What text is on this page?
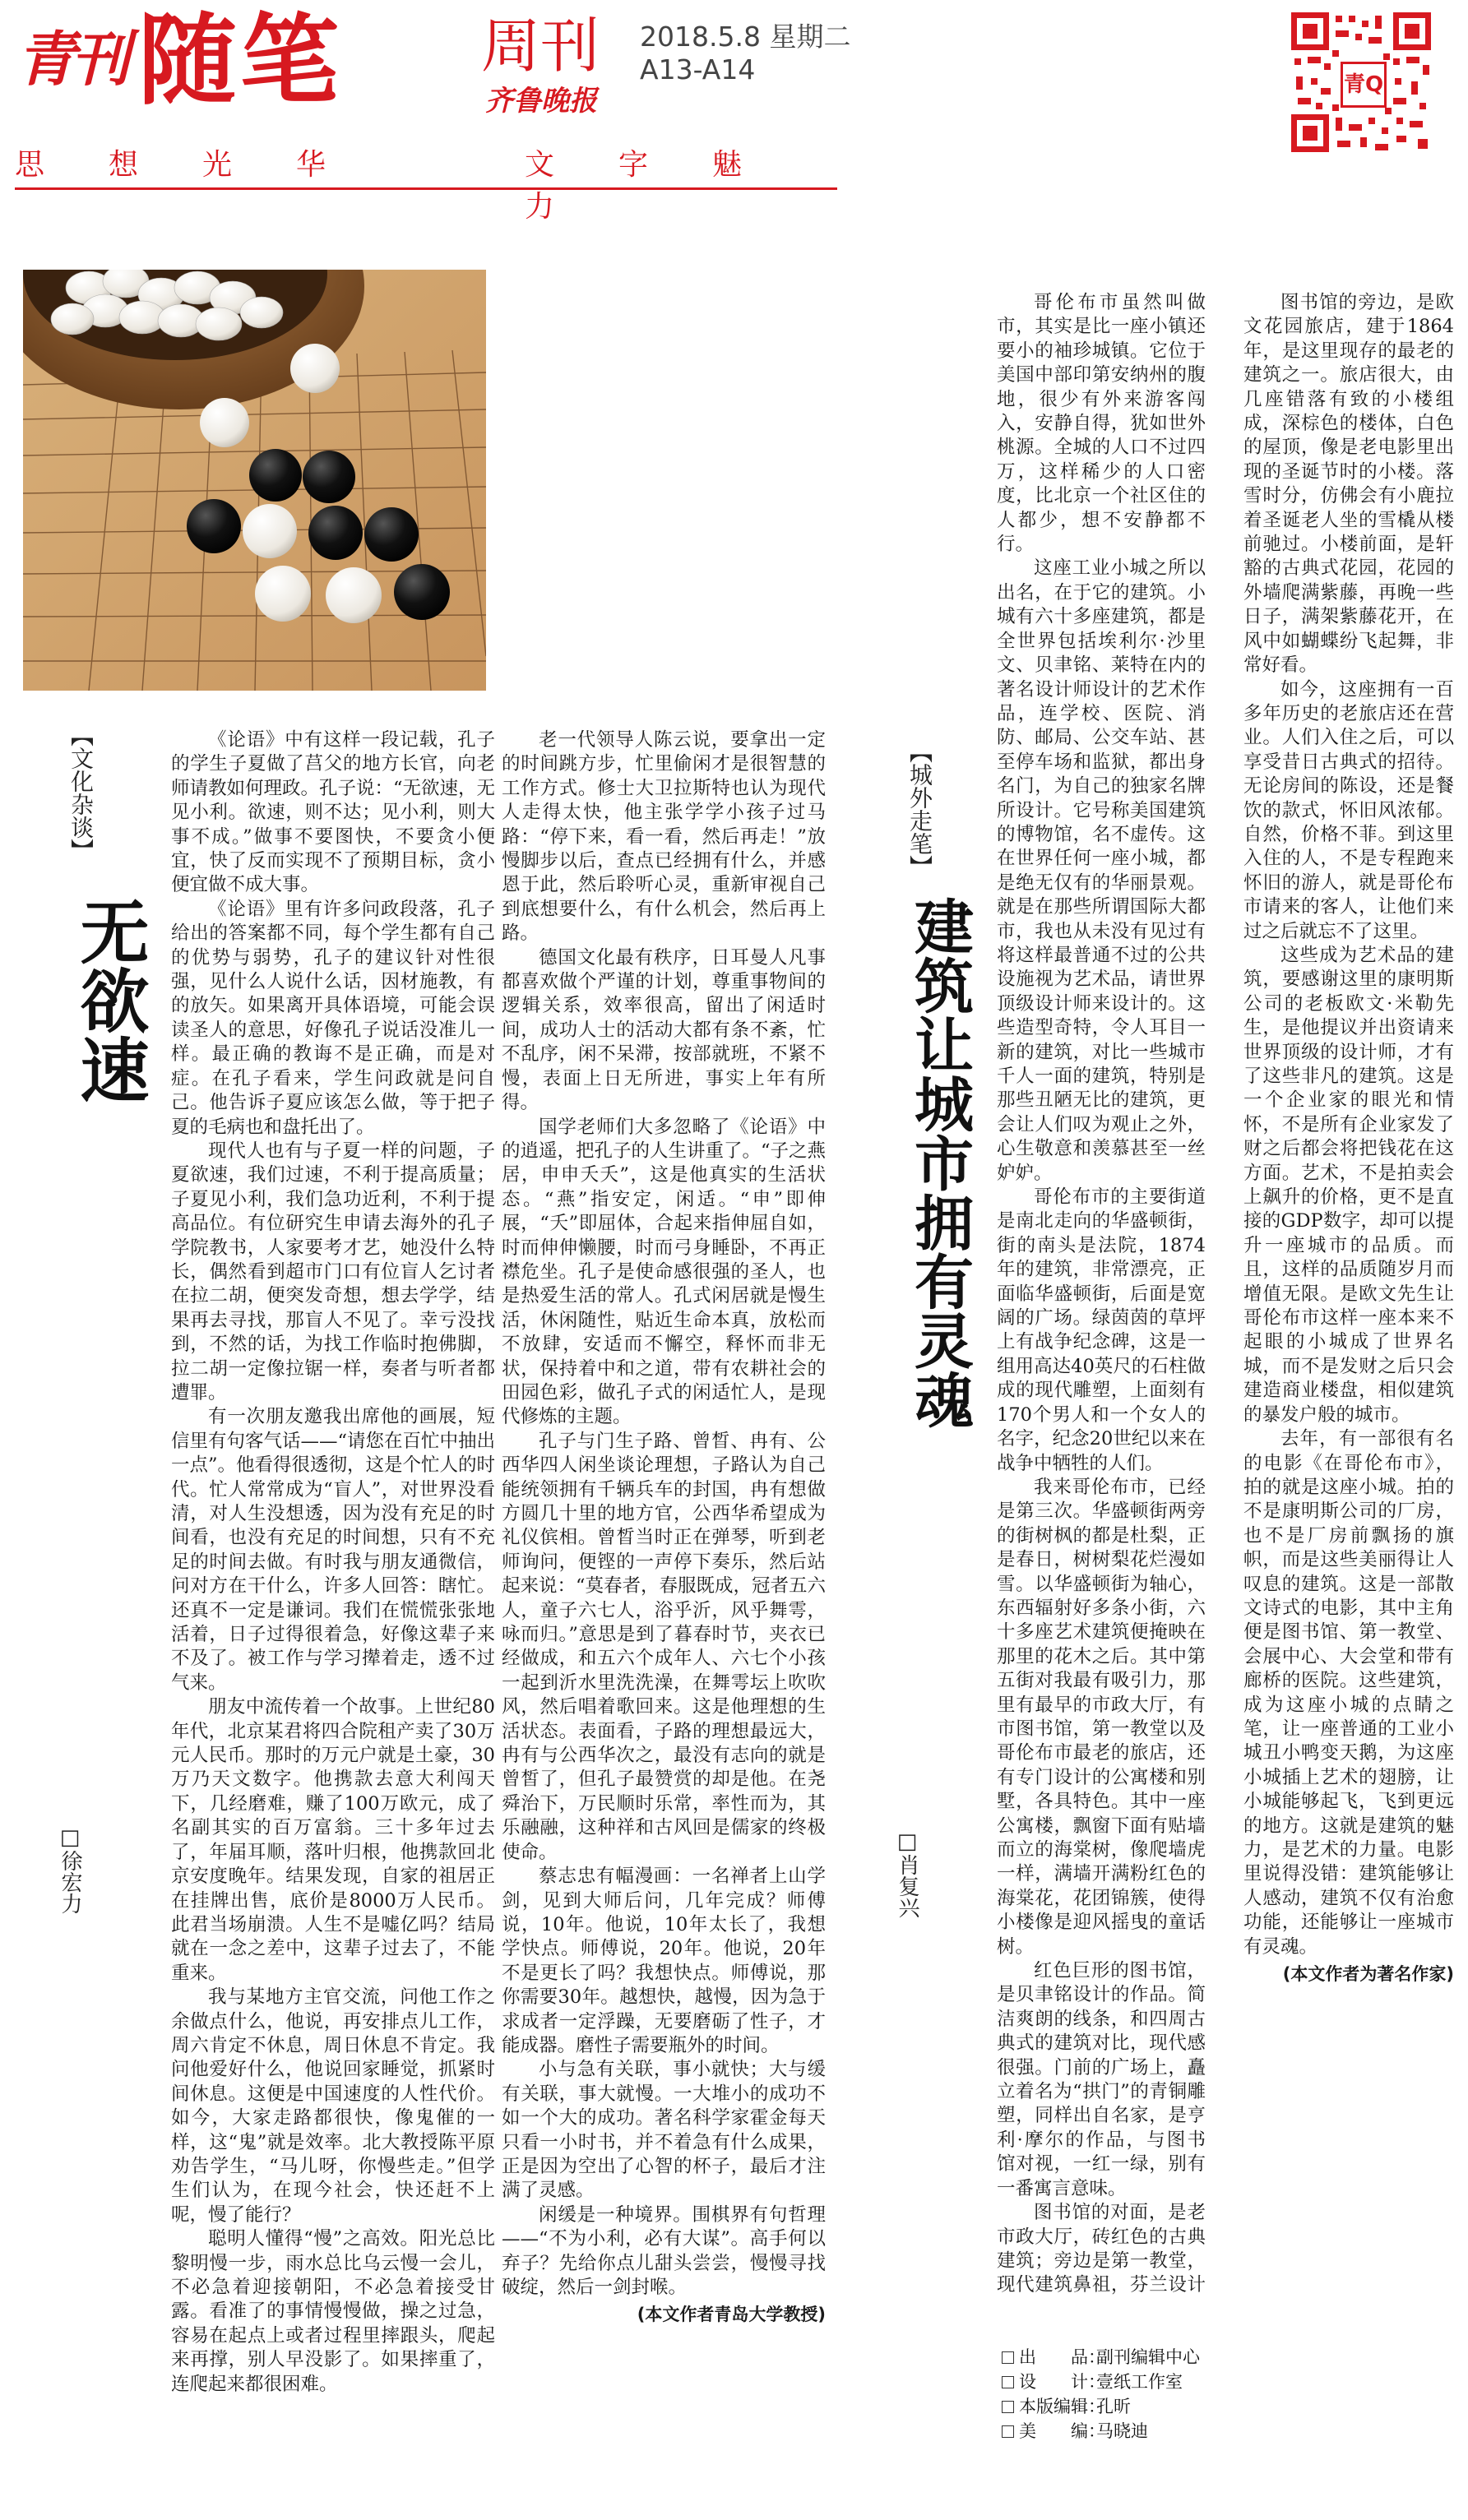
青刊 随笔	周刊
齐鲁晚报
2018.5.8 星期二
A13-A14
思想光华	文字魅力
青Q
【文化杂谈】
无欲速
□徐宏力

《论语》中有这样一段记载，孔子的学生子夏做了莒父的地方长官，向老师请教如何理政。孔子说：“无欲速，无见小利。欲速，则不达；见小利，则大事不成。”做事不要图快，不要贪小便宜，快了反而实现不了预期目标，贪小便宜做不成大事。

《论语》里有许多问政段落，孔子给出的答案都不同，每个学生都有自己的优势与弱势，孔子的建议针对性很强，见什么人说什么话，因材施教，有的放矢。如果离开具体语境，可能会误读圣人的意思，好像孔子说话没准儿一样。最正确的教诲不是正确，而是对症。在孔子看来，学生问政就是问自己。他告诉子夏应该怎么做，等于把子夏的毛病也和盘托出了。

现代人也有与子夏一样的问题，子夏欲速，我们过速，不利于提高质量；子夏见小利，我们急功近利，不利于提高品位。有位研究生申请去海外的孔子学院教书，人家要考才艺，她没什么特长，偶然看到超市门口有位盲人乞讨者在拉二胡，便突发奇想，想去学学，结果再去寻找，那盲人不见了。幸亏没找到，不然的话，为找工作临时抱佛脚，拉二胡一定像拉锯一样，奏者与听者都遭罪。

有一次朋友邀我出席他的画展，短信里有句客气话——“请您在百忙中抽出一点”。他看得很透彻，这是个忙人的时代。忙人常常成为“盲人”，对世界没看清，对人生没想透，因为没有充足的时间看，也没有充足的时间想，只有不充足的时间去做。有时我与朋友通微信，问对方在干什么，许多人回答：瞎忙。还真不一定是谦词。我们在慌慌张张地活着，日子过得很着急，好像这辈子来不及了。被工作与学习撵着走，透不过气来。

朋友中流传着一个故事。上世纪80年代，北京某君将四合院租产卖了30万元人民币。那时的万元户就是土豪，30万乃天文数字。他携款去意大利闯天下，几经磨难，赚了100万欧元，成了名副其实的百万富翁。三十多年过去了，年届耳顺，落叶归根，他携款回北京安度晚年。结果发现，自家的祖居正在挂牌出售，底价是8000万人民币。此君当场崩溃。人生不是嘘亿吗？结局就在一念之差中，这辈子过去了，不能重来。

我与某地方主官交流，问他工作之余做点什么，他说，再安排点儿工作，周六肯定不休息，周日休息不肯定。我问他爱好什么，他说回家睡觉，抓紧时间休息。这便是中国速度的人性代价。如今，大家走路都很快，像鬼催的一样，这“鬼”就是效率。北大教授陈平原劝告学生，“马儿呀，你慢些走。”但学生们认为，在现今社会，快还赶不上呢，慢了能行？

聪明人懂得“慢”之高效。阳光总比黎明慢一步，雨水总比乌云慢一会儿，不必急着迎接朝阳，不必急着接受甘露。看准了的事情慢慢做，操之过急，容易在起点上或者过程里摔跟头，爬起来再撑，别人早没影了。如果摔重了，连爬起来都很困难。

老一代领导人陈云说，要拿出一定的时间跳方步，忙里偷闲才是很智慧的工作方式。修士大卫拉斯特也认为现代人走得太快，他主张学学小孩子过马路：“停下来，看一看，然后再走！”放慢脚步以后，查点已经拥有什么，并感恩于此，然后聆听心灵，重新审视自己到底想要什么，有什么机会，然后再上路。

德国文化最有秩序，日耳曼人凡事都喜欢做个严谨的计划，尊重事物间的逻辑关系，效率很高，留出了闲适时间，成功人士的活动大都有条不紊，忙不乱序，闲不呆滞，按部就班，不紧不慢，表面上日无所进，事实上年有所得。

国学老师们大多忽略了《论语》中的逍遥，把孔子的人生讲重了。“子之燕居，申申夭夭”，这是他真实的生活状态。“燕”指安定，闲适。“申”即伸展，“夭”即屈体，合起来指伸屈自如，时而伸伸懒腰，时而弓身睡卧，不再正襟危坐。孔子是使命感很强的圣人，也是热爱生活的常人。孔式闲居就是慢生活，休闲随性，贴近生命本真，放松而不放肆，安适而不懈空，释怀而非无状，保持着中和之道，带有农耕社会的田园色彩，做孔子式的闲适忙人，是现代修炼的主题。

孔子与门生子路、曾晳、冉有、公西华四人闲坐谈论理想，子路认为自己能统领拥有千辆兵车的封国，冉有想做方圆几十里的地方官，公西华希望成为礼仪傧相。曾晳当时正在弹琴，听到老师询问，便铿的一声停下奏乐，然后站起来说：“莫春者，春服既成，冠者五六人，童子六七人，浴乎沂，风乎舞雩，咏而归。”意思是到了暮春时节，夹衣已经做成，和五六个成年人、六七个小孩一起到沂水里洗洗澡，在舞雩坛上吹吹风，然后唱着歌回来。这是他理想的生活状态。表面看，子路的理想最远大，冉有与公西华次之，最没有志向的就是曾皙了，但孔子最赞赏的却是他。在尧舜治下，万民顺时乐常，率性而为，其乐融融，这种祥和古风回是儒家的终极使命。

蔡志忠有幅漫画：一名禅者上山学剑，见到大师后问，几年完成？师傅说，10年。他说，10年太长了，我想学快点。师傅说，20年。他说，20年不是更长了吗？我想快点。师傅说，那你需要30年。越想快，越慢，因为急于求成者一定浮躁，无要磨砺了性子，才能成器。磨性子需要瓶外的时间。

小与急有关联，事小就快；大与缓有关联，事大就慢。一大堆小的成功不如一个大的成功。著名科学家霍金每天只看一小时书，并不着急有什么成果，正是因为空出了心智的杯子，最后才注满了灵感。

闲缓是一种境界。围棋界有句哲理——“不为小利，必有大谋”。高手何以弃子？先给你点儿甜头尝尝，慢慢寻找破绽，然后一剑封喉。

(本文作者青岛大学教授)
【城外走笔】
建筑让城市拥有灵魂
□肖复兴

哥伦布市虽然叫做市，其实是比一座小镇还要小的袖珍城镇。它位于美国中部印第安纳州的腹地，很少有外来游客闯入，安静自得，犹如世外桃源。全城的人口不过四万，这样稀少的人口密度，比北京一个社区住的人都少，想不安静都不行。

这座工业小城之所以出名，在于它的建筑。小城有六十多座建筑，都是全世界包括埃利尔·沙里文、贝聿铭、莱特在内的著名设计师设计的艺术作品，连学校、医院、消防、邮局、公交车站、甚至停车场和监狱，都出身名门，为自己的独家名牌所设计。它号称美国建筑的博物馆，名不虚传。这在世界任何一座小城，都是绝无仅有的华丽景观。就是在那些所谓国际大都市，我也从未没有见过有将这样最普通不过的公共设施视为艺术品，请世界顶级设计师来设计的。这些造型奇特，令人耳目一新的建筑，对比一些城市千人一面的建筑，特别是那些丑陋无比的建筑，更会让人们叹为观止之外，心生敬意和羡慕甚至一丝妒妒。

哥伦布市的主要街道是南北走向的华盛顿街，街的南头是法院，1874年的建筑，非常漂亮，正面临华盛顿街，后面是宽阔的广场。绿茵茵的草坪上有战争纪念碑，这是一组用高达40英尺的石柱做成的现代雕塑，上面刻有170个男人和一个女人的名字，纪念20世纪以来在战争中牺牲的人们。

我来哥伦布市，已经是第三次。华盛顿街两旁的街树枫的都是杜梨，正是春日，树树梨花烂漫如雪。以华盛顿街为轴心，东西辐射好多条小街，六十多座艺术建筑便掩映在那里的花木之后。其中第五街对我最有吸引力，那里有最早的市政大厅，有市图书馆，第一教堂以及哥伦布市最老的旅店，还有专门设计的公寓楼和别墅，各具特色。其中一座公寓楼，飘窗下面有贴墙而立的海棠树，像爬墙虎一样，满墙开满粉红色的海棠花，花团锦簇，使得小楼像是迎风摇曳的童话树。

红色巨形的图书馆，是贝聿铭设计的作品。简洁爽朗的线条，和四周古典式的建筑对比，现代感很强。门前的广场上，矗立着名为“拱门”的青铜雕塑，同样出自名家，是亨利·摩尔的作品，与图书馆对视，一红一绿，别有一番寓言意味。

图书馆的对面，是老市政大厅，砖红色的古典建筑；旁边是第一教堂，现代建筑鼻祖，芬兰设计

图书馆的旁边，是欧文花园旅店，建于1864年，是这里现存的最老的建筑之一。旅店很大，由几座错落有致的小楼组成，深棕色的楼体，白色的屋顶，像是老电影里出现的圣诞节时的小楼。落雪时分，仿佛会有小鹿拉着圣诞老人坐的雪橇从楼前驰过。小楼前面，是轩豁的古典式花园，花园的外墙爬满紫藤，再晚一些日子，满架紫藤花开，在风中如蝴蝶纷飞起舞，非常好看。

如今，这座拥有一百多年历史的老旅店还在营业。人们入住之后，可以享受昔日古典式的招待。无论房间的陈设，还是餐饮的款式，怀旧风浓郁。自然，价格不菲。到这里入住的人，不是专程跑来怀旧的游人，就是哥伦布市请来的客人，让他们来过之后就忘不了这里。

这些成为艺术品的建筑，要感谢这里的康明斯公司的老板欧文·米勒先生，是他提议并出资请来世界顶级的设计师，才有了这些非凡的建筑。这是一个企业家的眼光和情怀，不是所有企业家发了财之后都会将把钱花在这方面。艺术，不是拍卖会上飙升的价格，更不是直接的GDP数字，却可以提升一座城市的品质。而且，这样的品质随岁月而增值无限。是欧文先生让哥伦布市这样一座本来不起眼的小城成了世界名城，而不是发财之后只会建造商业楼盘，相似建筑的暴发户般的城市。

去年，有一部很有名的电影《在哥伦布市》，拍的就是这座小城。拍的不是康明斯公司的厂房，也不是厂房前飘扬的旗帜，而是这些美丽得让人叹息的建筑。这是一部散文诗式的电影，其中主角便是图书馆、第一教堂、会展中心、大会堂和带有廊桥的医院。这些建筑，成为这座小城的点睛之笔，让一座普通的工业小城丑小鸭变天鹅，为这座小城插上艺术的翅膀，让小城能够起飞，飞到更远的地方。这就是建筑的魅力，是艺术的力量。电影里说得没错：建筑能够让人感动，建筑不仅有治愈功能，还能够让一座城市有灵魂。

(本文作者为著名作家)
出　　品：
副刊编辑中心
设　　计：
壹纸工作室
本版编辑：
孔昕
美　　编：
马晓迪
